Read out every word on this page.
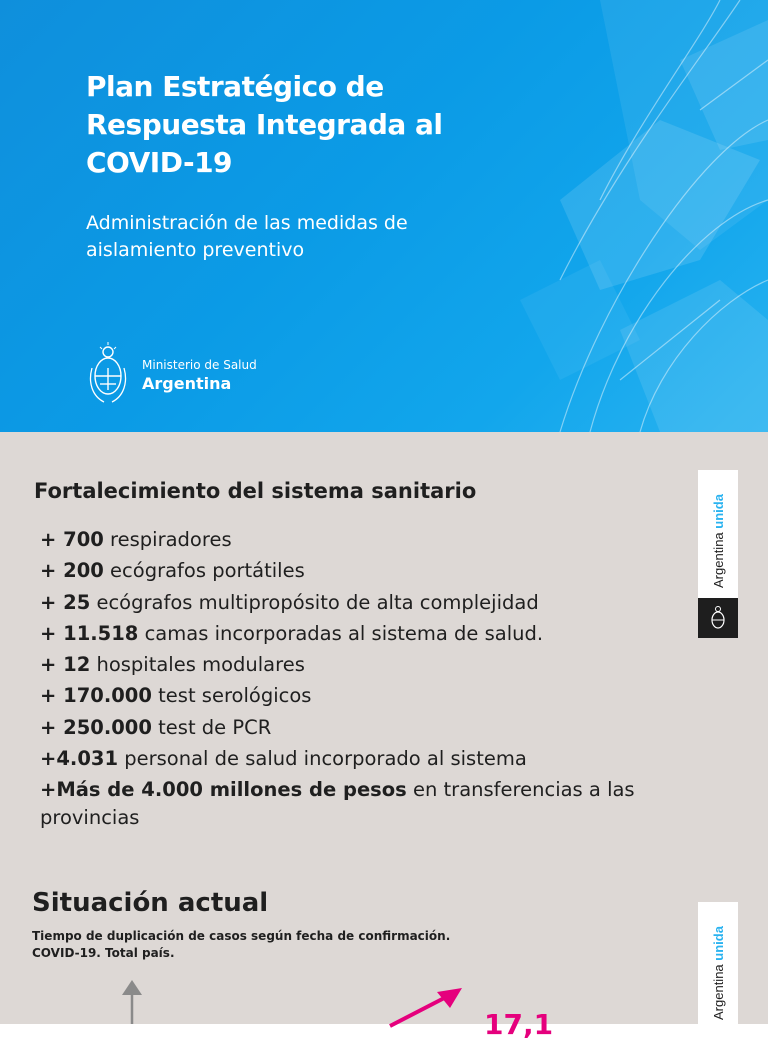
Plan Estratégico de
Respuesta Integrada al
COVID-19
Administración de las medidas de
aislamiento preventivo
Ministerio de Salud
Argentina
Fortalecimiento del sistema sanitario
+ 700 respiradores
+ 200 ecógrafos portátiles
+ 25 ecógrafos multipropósito de alta complejidad
+ 11.518 camas incorporadas al sistema de salud.
+ 12 hospitales modulares
+ 170.000 test serológicos
+ 250.000 test de PCR
+4.031 personal de salud incorporado al sistema
+Más de 4.000 millones de pesos en transferencias a las provincias
Argentina unida
Situación actual
Tiempo de duplicación de casos según fecha de confirmación.
COVID-19. Total país.
17,1
Argentina unida
